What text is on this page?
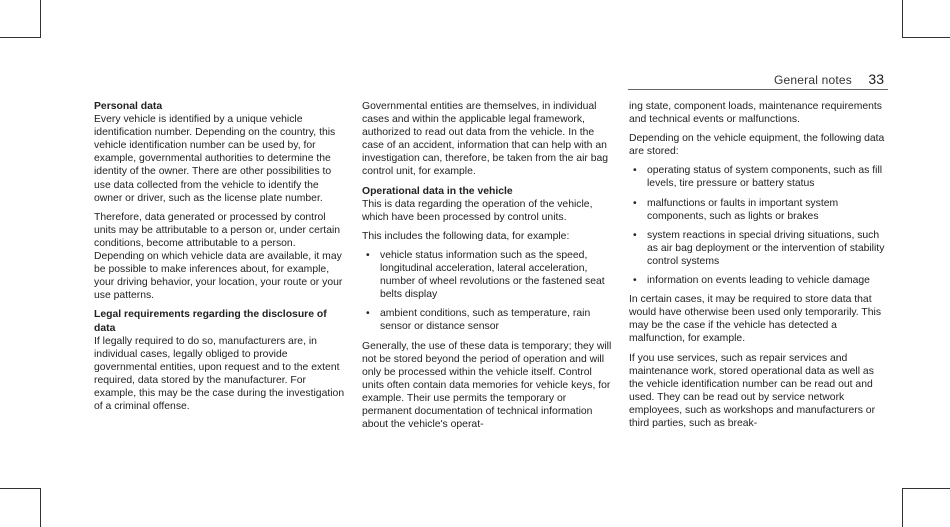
General notes	33

Personal data

Every vehicle is identified by a unique vehicle identification number. Depending on the country, this vehicle identification number can be used by, for example, governmental authorities to determine the identity of the owner. There are other possibilities to use data collected from the vehicle to identify the owner or driver, such as the license plate number.

Therefore, data generated or processed by control units may be attributable to a person or, under certain conditions, become attributable to a person. Depending on which vehicle data are available, it may be possible to make inferences about, for example, your driving behavior, your location, your route or your use patterns.

Legal requirements regarding the disclosure of data

If legally required to do so, manufacturers are, in individual cases, legally obliged to provide governmental entities, upon request and to the extent required, data stored by the manufacturer. For example, this may be the case during the investigation of a criminal offense.

Governmental entities are themselves, in individual cases and within the applicable legal framework, authorized to read out data from the vehicle. In the case of an accident, information that can help with an investigation can, therefore, be taken from the air bag control unit, for example.

Operational data in the vehicle

This is data regarding the operation of the vehicle, which have been processed by control units.

This includes the following data, for example:

• vehicle status information such as the speed, longitudinal acceleration, lateral acceleration, number of wheel revolutions or the fastened seat belts display
• ambient conditions, such as temperature, rain sensor or distance sensor

Generally, the use of these data is temporary; they will not be stored beyond the period of operation and will only be processed within the vehicle itself. Control units often contain data memories for vehicle keys, for example. Their use permits the temporary or permanent documentation of technical information about the vehicle's operat-

ing state, component loads, maintenance requirements and technical events or malfunctions.

Depending on the vehicle equipment, the following data are stored:

• operating status of system components, such as fill levels, tire pressure or battery status
• malfunctions or faults in important system components, such as lights or brakes
• system reactions in special driving situations, such as air bag deployment or the intervention of stability control systems
• information on events leading to vehicle damage

In certain cases, it may be required to store data that would have otherwise been used only temporarily. This may be the case if the vehicle has detected a malfunction, for example.

If you use services, such as repair services and maintenance work, stored operational data as well as the vehicle identification number can be read out and used. They can be read out by service network employees, such as workshops and manufacturers or third parties, such as break-
